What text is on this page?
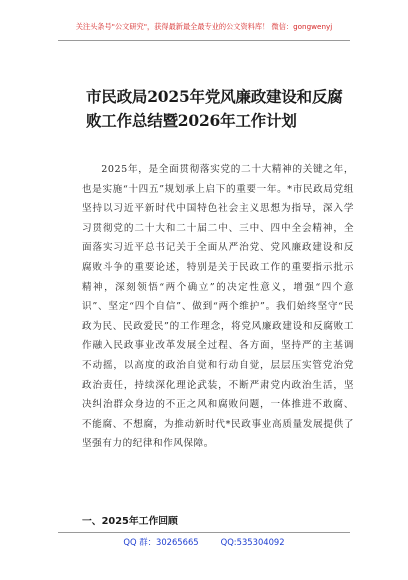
关注头条号"公文研究"，获得最新最全最专业的公文资料库！ 微信：gongwenyj
市民政局2025年党风廉政建设和反腐
败工作总结暨2026年工作计划

2025年，是全面贯彻落实党的二十大精神的关键之年，也是实施“十四五”规划承上启下的重要一年。*市民政局党组坚持以习近平新时代中国特色社会主义思想为指导，深入学习贯彻党的二十大和二十届二中、三中、四中全会精神，全面落实习近平总书记关于全面从严治党、党风廉政建设和反腐败斗争的重要论述，特别是关于民政工作的重要指示批示精神，深刻领悟“两个确立”的决定性意义，增强“四个意识”、坚定“四个自信”、做到“两个维护”。我们始终坚守“民政为民、民政爱民”的工作理念，将党风廉政建设和反腐败工作融入民政事业改革发展全过程、各方面，坚持严的主基调不动摇，以高度的政治自觉和行动自觉，层层压实管党治党政治责任，持续深化理论武装，不断严肃党内政治生活，坚决纠治群众身边的不正之风和腐败问题，一体推进不敢腐、不能腐、不想腐，为推动新时代*民政事业高质量发展提供了坚强有力的纪律和作风保障。

一、2025年工作回顾
QQ 群：30265665	QQ:535304092
